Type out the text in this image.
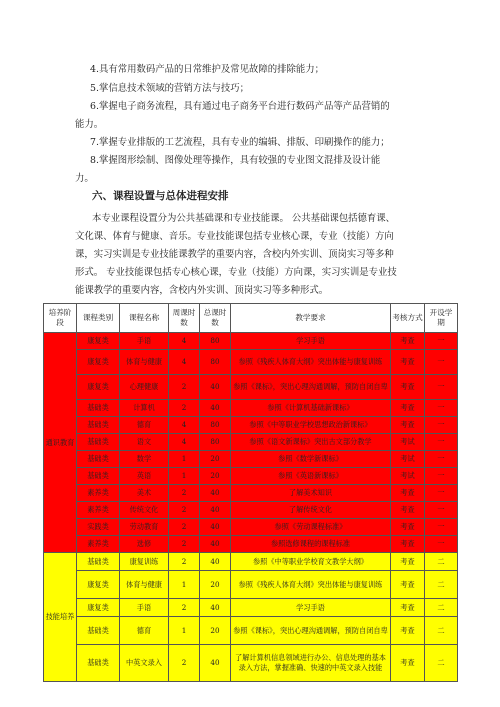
4.具有常用数码产品的日常维护及常见故障的排除能力；
5.掌信息技术领域的营销方法与技巧；
6.掌握电子商务流程，具有通过电子商务平台进行数码产品等产品营销的
能力。
7.掌握专业排版的工艺流程，具有专业的编辑、排版、印刷操作的能力；
8.掌握图形绘制、图像处理等操作，具有较强的专业图文混排及设计能
力。
六、课程设置与总体进程安排
本专业课程设置分为公共基础课和专业技能课。 公共基础课包括德育课、
文化课、体育与健康、音乐。专业技能课包括专业核心课，专业（技能）方向
课，实习实训是专业技能课教学的重要内容，含校内外实训、顶岗实习等多种
形式。 专业技能课包括专心核心课，专业（技能）方向课，实习实训是专业技
能课教学的重要内容，含校内外实训、顶岗实习等多种形式。
培养阶段	课程类别	课程名称	周课时数	总课时数	教学要求	考核方式	开设学期
通识教育	康复类	手语	4	80	学习手语	考查	一
	康复类	体育与健康	4	80	参照《残疾人体育大纲》突出体能与康复训练	考查	一
	康复类	心理健康	2	40	参照《课标》，突出心理沟通调解，预防自闭自卑	考查	一
	基础类	计算机	2	40	参照《计算机基础新课标》	考查	一
	基础类	德育	4	80	参照《中等职业学校思想政治新课标》	考查	一
	基础类	语文	4	80	参照《语文新课标》突出古文部分教学	考试	一
	基础类	数学	1	20	参照《数学新课标》	考试	一
	基础类	英语	1	20	参照《英语新课标》	考试	一
	素养类	美术	2	40	了解美术知识	考查	一
	素养类	传统文化	2	40	了解传统文化	考查	一
	实践类	劳动教育	2	40	参照《劳动课程标准》	考查	一
	素养类	选修	2	40	参照选修课程的课程标准	考查	一
技能培养	基础类	康复训练	2	40	参照《中等职业学校育文教学大纲》	考查	二
	康复类	体育与健康	1	20	参照《残疾人体育大纲》突出体能与康复训练	考查	二
	康复类	手语	2	40	学习手语	考查	二
	基础类	德育	1	20	参照《课标》，突出心理沟通调解，预防自闭自卑	考查	二
	基础类	中英文录入	2	40	了解计算机信息领域进行办公、信息处理的基本录入方法，掌握准确、快速的中英文录入技能	考查	二
